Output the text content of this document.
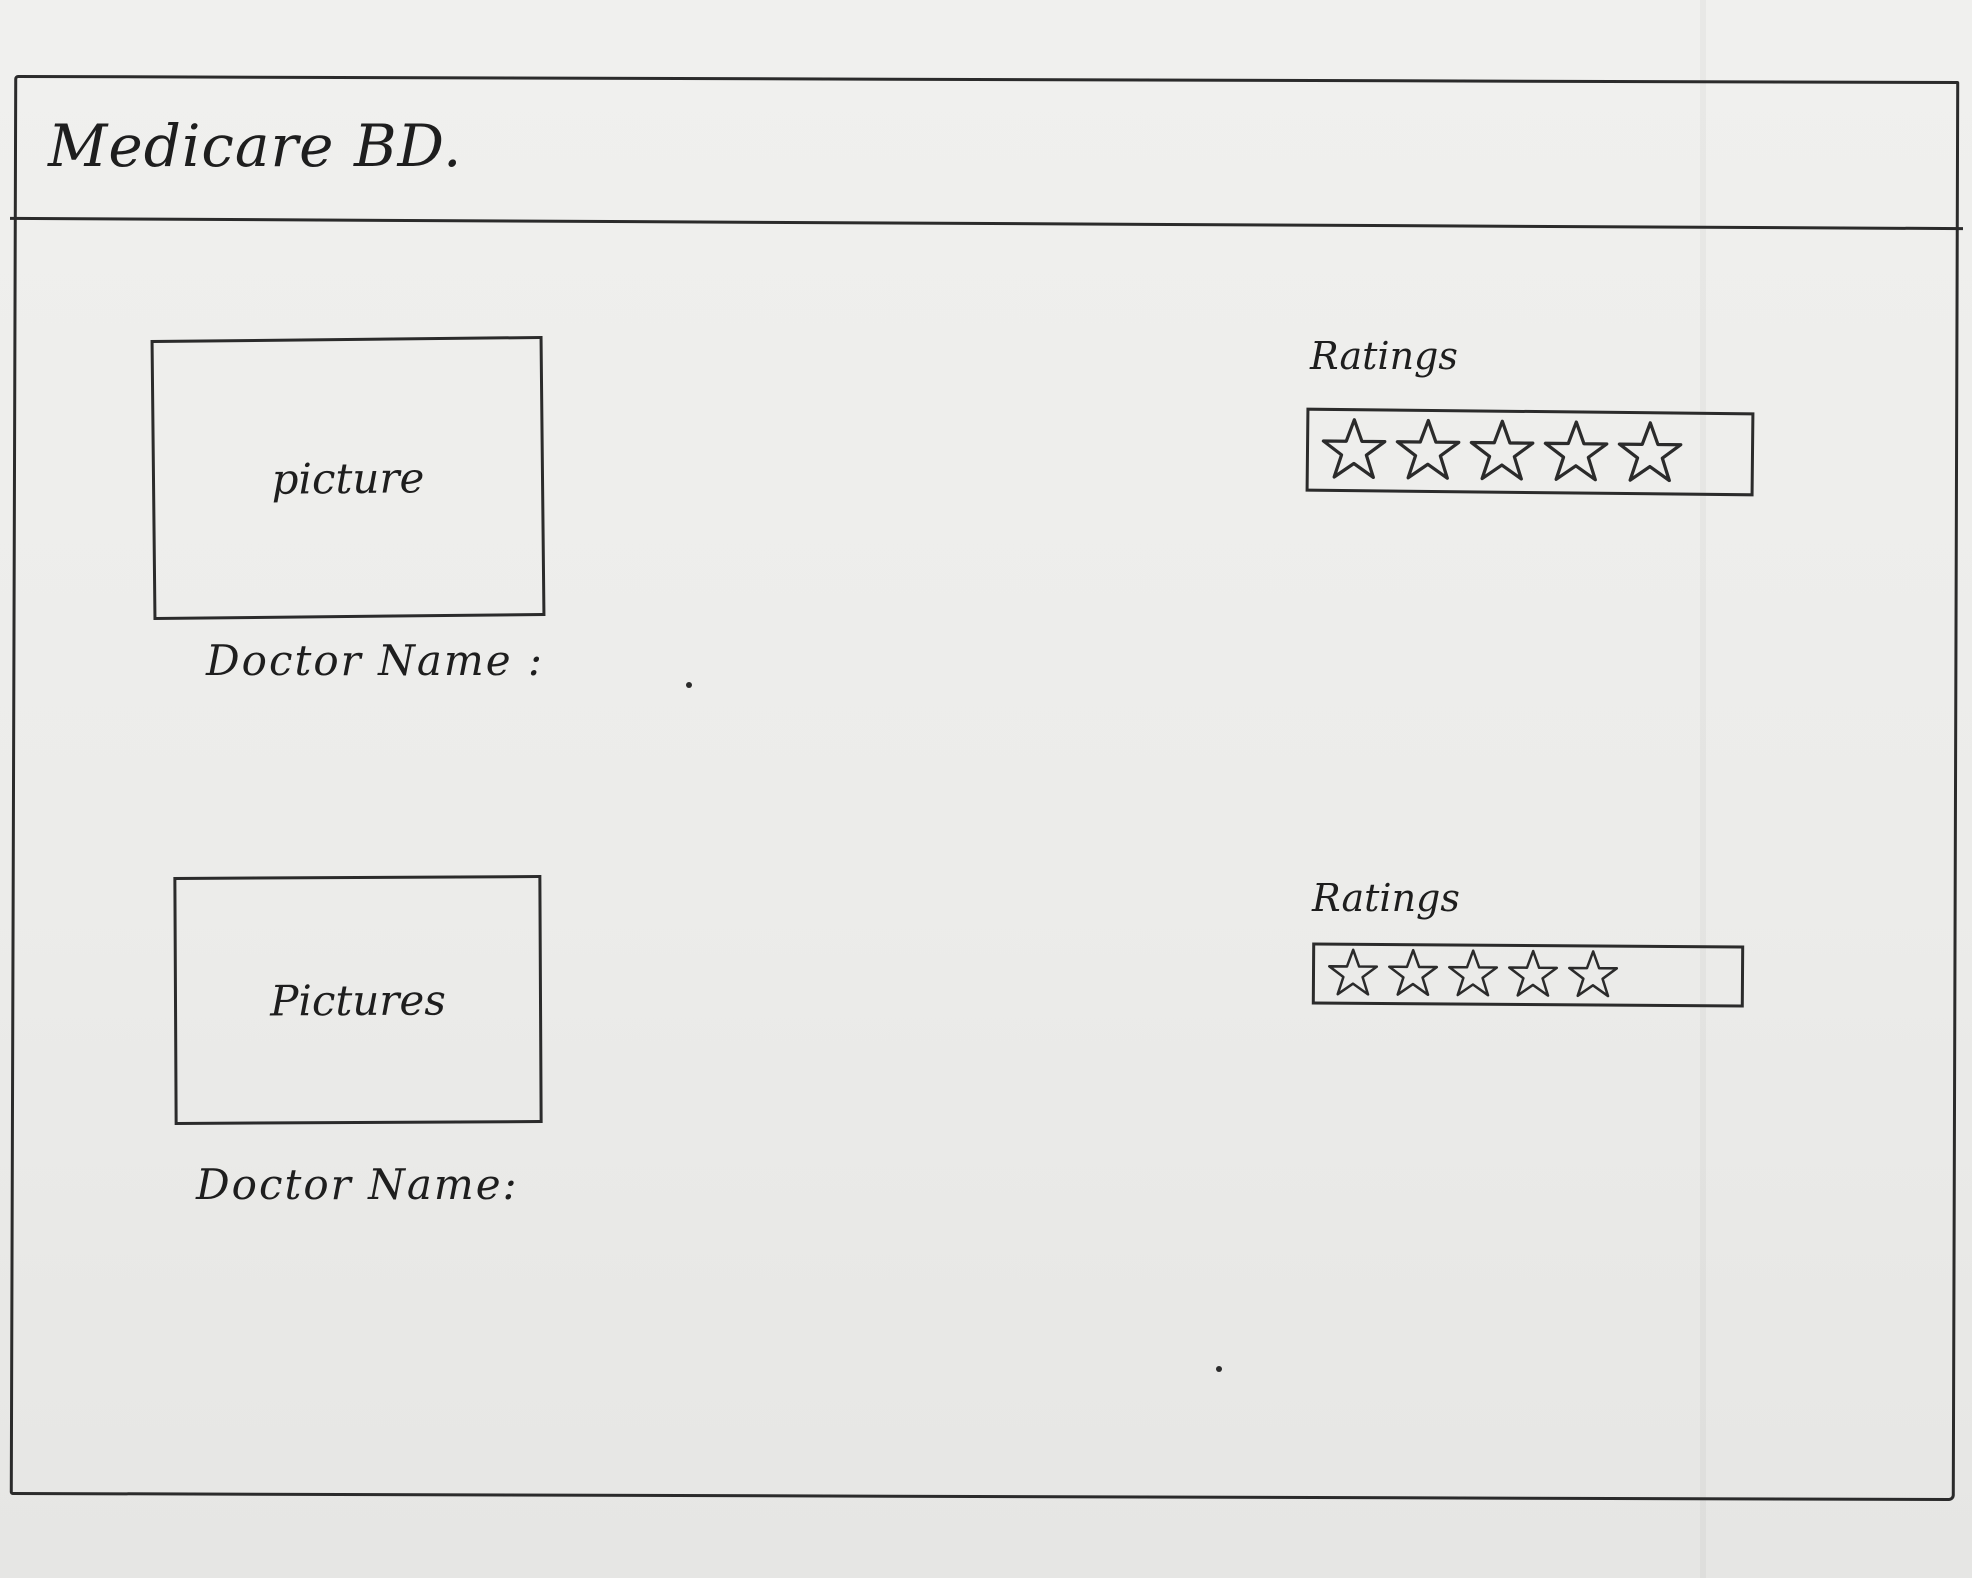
Medicare BD.
picture
Doctor Name :
Ratings
Pictures
Doctor Name:
Ratings
